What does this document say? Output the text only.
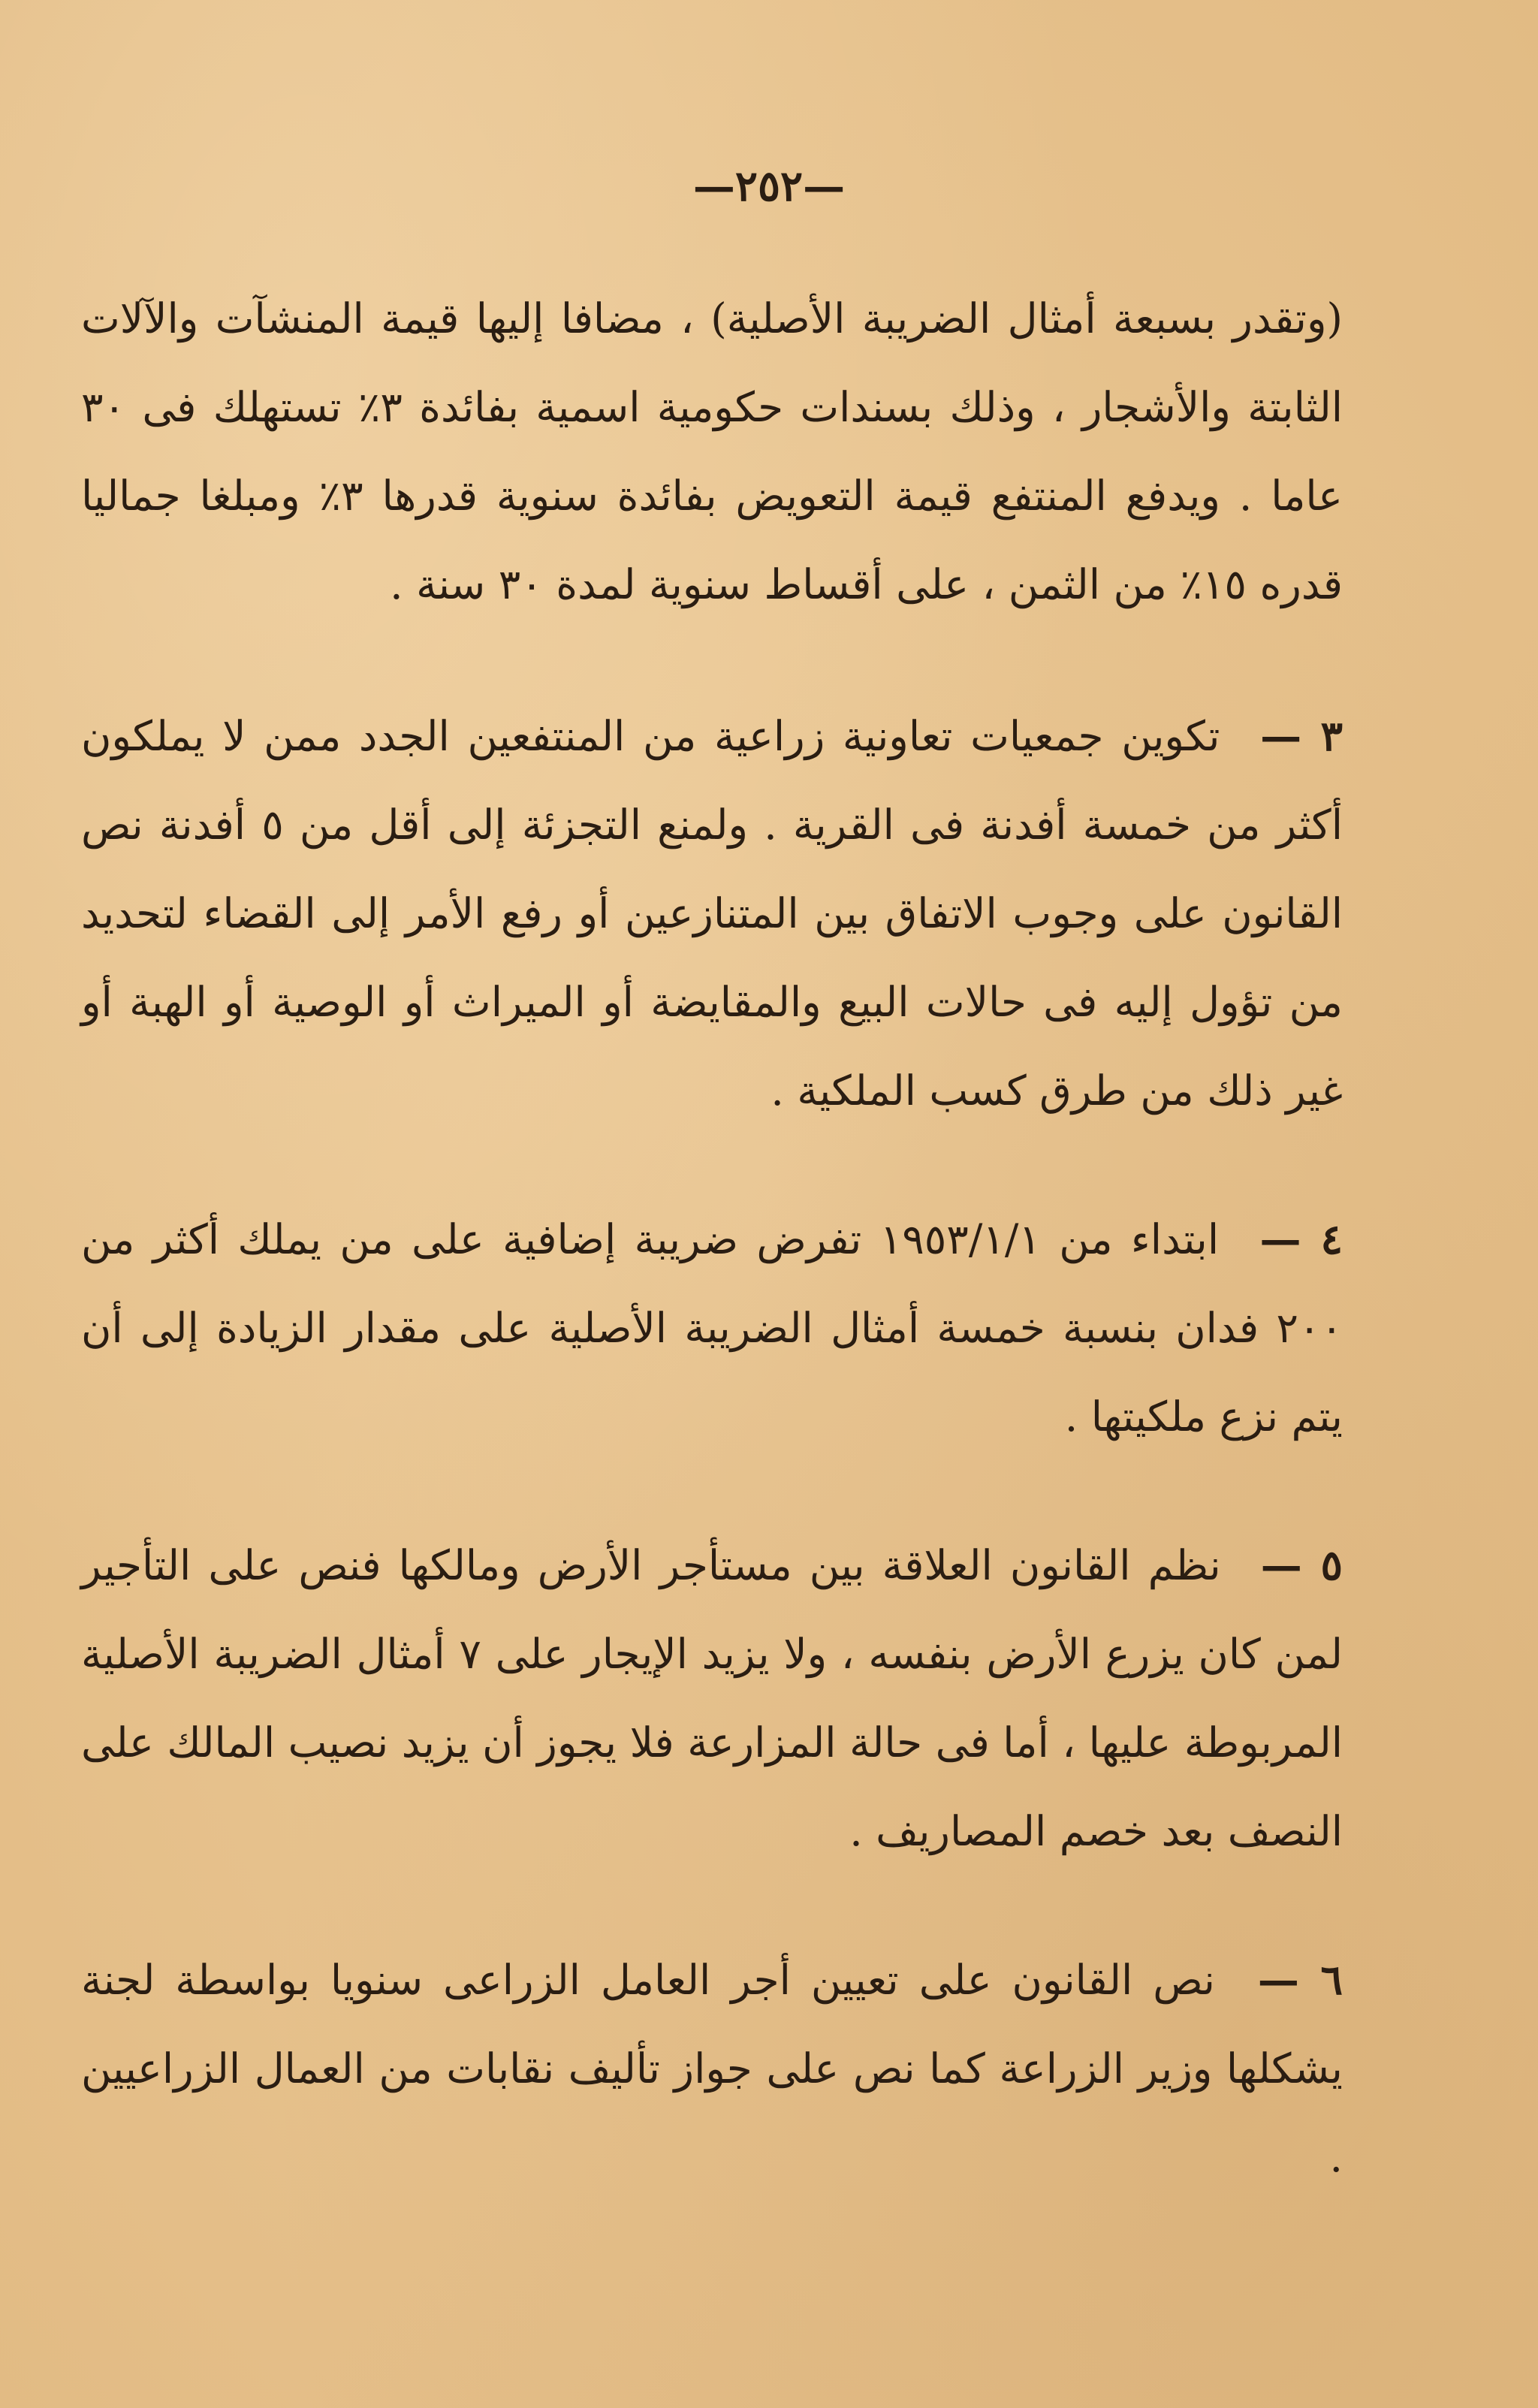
—٢٥٢—

(وتقدر بسبعة أمثال الضريبة الأصلية) ، مضافا إليها قيمة المنشآت والآلات الثابتة والأشجار ، وذلك بسندات حكومية اسمية بفائدة ٣٪ تستهلك فى ٣٠ عاما . ويدفع المنتفع قيمة التعويض بفائدة سنوية قدرها ٣٪ ومبلغا جماليا قدره ١٥٪ من الثمن ، على أقساط سنوية لمدة ٣٠ سنة .

٣ — تكوين جمعيات تعاونية زراعية من المنتفعين الجدد ممن لا يملكون أكثر من خمسة أفدنة فى القرية . ولمنع التجزئة إلى أقل من ٥ أفدنة نص القانون على وجوب الاتفاق بين المتنازعين أو رفع الأمر إلى القضاء لتحديد من تؤول إليه فى حالات البيع والمقايضة أو الميراث أو الوصية أو الهبة أو غير ذلك من طرق كسب الملكية .

٤ — ابتداء من ١٩٥٣/١/١ تفرض ضريبة إضافية على من يملك أكثر من ٢٠٠ فدان بنسبة خمسة أمثال الضريبة الأصلية على مقدار الزيادة إلى أن يتم نزع ملكيتها .

٥ — نظم القانون العلاقة بين مستأجر الأرض ومالكها فنص على التأجير لمن كان يزرع الأرض بنفسه ، ولا يزيد الإيجار على ٧ أمثال الضريبة الأصلية المربوطة عليها ، أما فى حالة المزارعة فلا يجوز أن يزيد نصيب المالك على النصف بعد خصم المصاريف .

٦ — نص القانون على تعيين أجر العامل الزراعى سنويا بواسطة لجنة يشكلها وزير الزراعة كما نص على جواز تأليف نقابات من العمال الزراعيين .
